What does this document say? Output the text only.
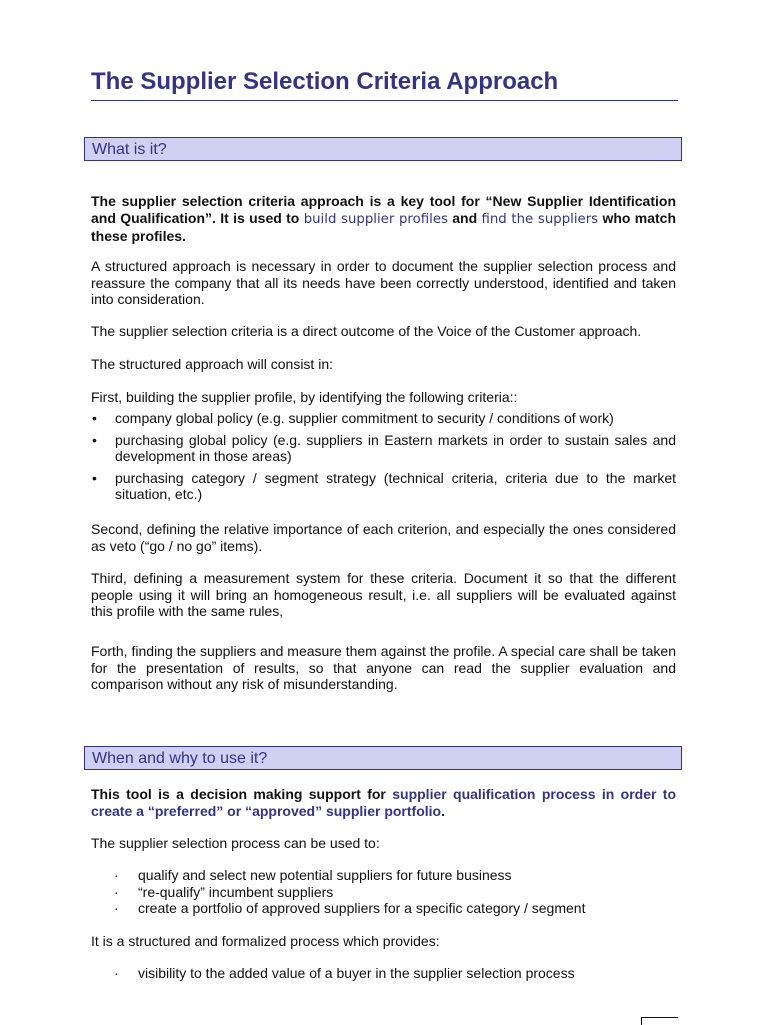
The Supplier Selection Criteria Approach
What is it?

The supplier selection criteria approach is a key tool for “New Supplier Identification and Qualification”. It is used to build supplier profiles and find the suppliers who match these profiles.

A structured approach is necessary in order to document the supplier selection process and reassure the company that all its needs have been correctly understood, identified and taken into consideration.

The supplier selection criteria is a direct outcome of the Voice of the Customer approach.

The structured approach will consist in:

First, building the supplier profile, by identifying the following criteria::

• company global policy (e.g. supplier commitment to security / conditions of work)
• purchasing global policy (e.g. suppliers in Eastern markets in order to sustain sales and development in those areas)
• purchasing category / segment strategy (technical criteria, criteria due to the market situation, etc.)

Second, defining the relative importance of each criterion, and especially the ones considered as veto (“go / no go” items).

Third, defining a measurement system for these criteria. Document it so that the different people using it will bring an homogeneous result, i.e. all suppliers will be evaluated against this profile with the same rules,

Forth, finding the suppliers and measure them against the profile. A special care shall be taken for the presentation of results, so that anyone can read the supplier evaluation and comparison without any risk of misunderstanding.

When and why to use it?

This tool is a decision making support for supplier qualification process in order to create a “preferred” or “approved” supplier portfolio.

The supplier selection process can be used to:

· qualify and select new potential suppliers for future business
· “re-qualify” incumbent suppliers
· create a portfolio of approved suppliers for a specific category / segment

It is a structured and formalized process which provides:

· visibility to the added value of a buyer in the supplier selection process
